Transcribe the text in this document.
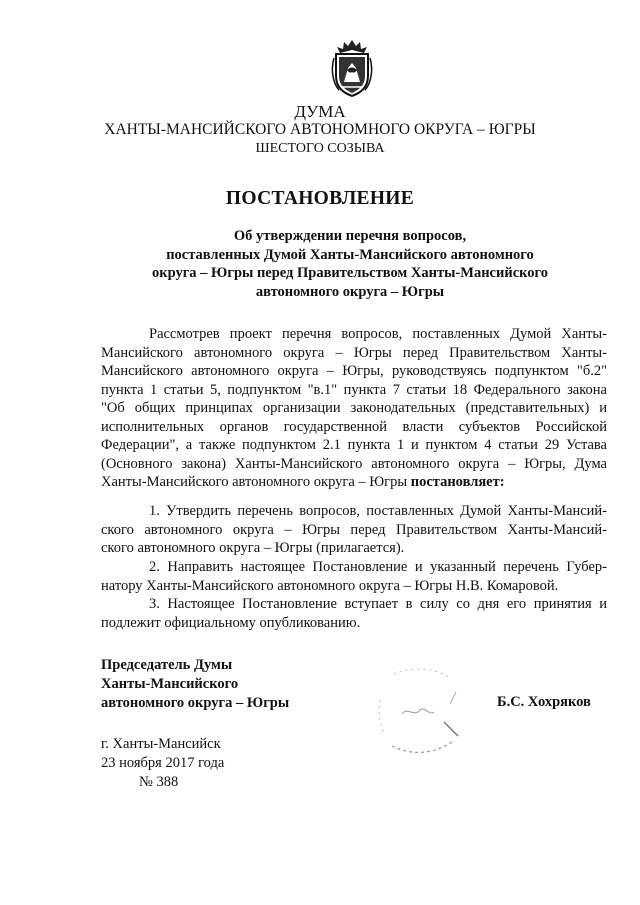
ДУМА
ХАНТЫ-МАНСИЙСКОГО АВТОНОМНОГО ОКРУГА – ЮГРЫ
ШЕСТОГО СОЗЫВА
ПОСТАНОВЛЕНИЕ
Об утверждении перечня вопросов,
поставленных Думой Ханты-Мансийского автономного
округа – Югры перед Правительством Ханты-Мансийского
автономного округа – Югры
Рассмотрев проект перечня вопросов, поставленных Думой Ханты-
Мансийского автономного округа – Югры перед Правительством Ханты-
Мансийского автономного округа – Югры, руководствуясь подпунктом "б.2"
пункта 1 статьи 5, подпунктом "в.1" пункта 7 статьи 18 Федерального закона
"Об общих принципах организации законодательных (представительных) и
исполнительных органов государственной власти субъектов Российской
Федерации", а также подпунктом 2.1 пункта 1 и пунктом 4 статьи 29 Устава
(Основного закона) Ханты-Мансийского автономного округа – Югры, Дума
Ханты-Мансийского автономного округа – Югры постановляет:
1. Утвердить перечень вопросов, поставленных Думой Ханты-Мансий-
ского автономного округа – Югры перед Правительством Ханты-Мансий-
ского автономного округа – Югры (прилагается).
2. Направить настоящее Постановление и указанный перечень Губер-
натору Ханты-Мансийского автономного округа – Югры Н.В. Комаровой.
3. Настоящее Постановление вступает в силу со дня его принятия и
подлежит официальному опубликованию.
Председатель Думы
Ханты-Мансийского
автономного округа – Югры	Б.С. Хохряков
г. Ханты-Мансийск
23 ноября 2017 года
№ 388
